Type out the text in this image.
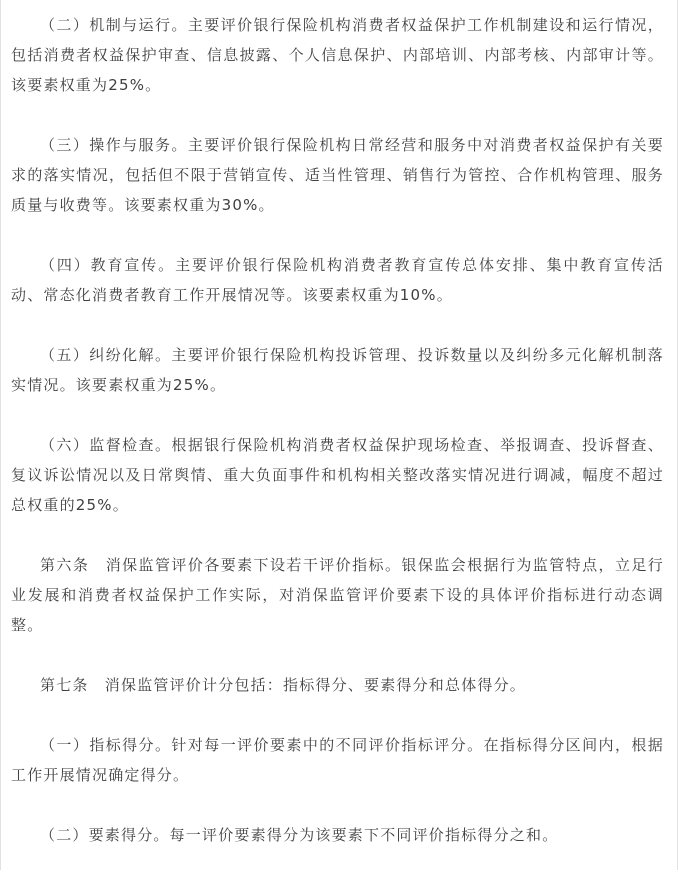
（二）机制与运行。主要评价银行保险机构消费者权益保护工作机制建设和运行情况，包括消费者权益保护审查、信息披露、个人信息保护、内部培训、内部考核、内部审计等。该要素权重为25%。

（三）操作与服务。主要评价银行保险机构日常经营和服务中对消费者权益保护有关要求的落实情况，包括但不限于营销宣传、适当性管理、销售行为管控、合作机构管理、服务质量与收费等。该要素权重为30%。

（四）教育宣传。主要评价银行保险机构消费者教育宣传总体安排、集中教育宣传活动、常态化消费者教育工作开展情况等。该要素权重为10%。

（五）纠纷化解。主要评价银行保险机构投诉管理、投诉数量以及纠纷多元化解机制落实情况。该要素权重为25%。

（六）监督检查。根据银行保险机构消费者权益保护现场检查、举报调查、投诉督查、复议诉讼情况以及日常舆情、重大负面事件和机构相关整改落实情况进行调减，幅度不超过总权重的25%。

第六条　消保监管评价各要素下设若干评价指标。银保监会根据行为监管特点，立足行业发展和消费者权益保护工作实际，对消保监管评价要素下设的具体评价指标进行动态调整。

第七条　消保监管评价计分包括：指标得分、要素得分和总体得分。

（一）指标得分。针对每一评价要素中的不同评价指标评分。在指标得分区间内，根据工作开展情况确定得分。

（二）要素得分。每一评价要素得分为该要素下不同评价指标得分之和。
